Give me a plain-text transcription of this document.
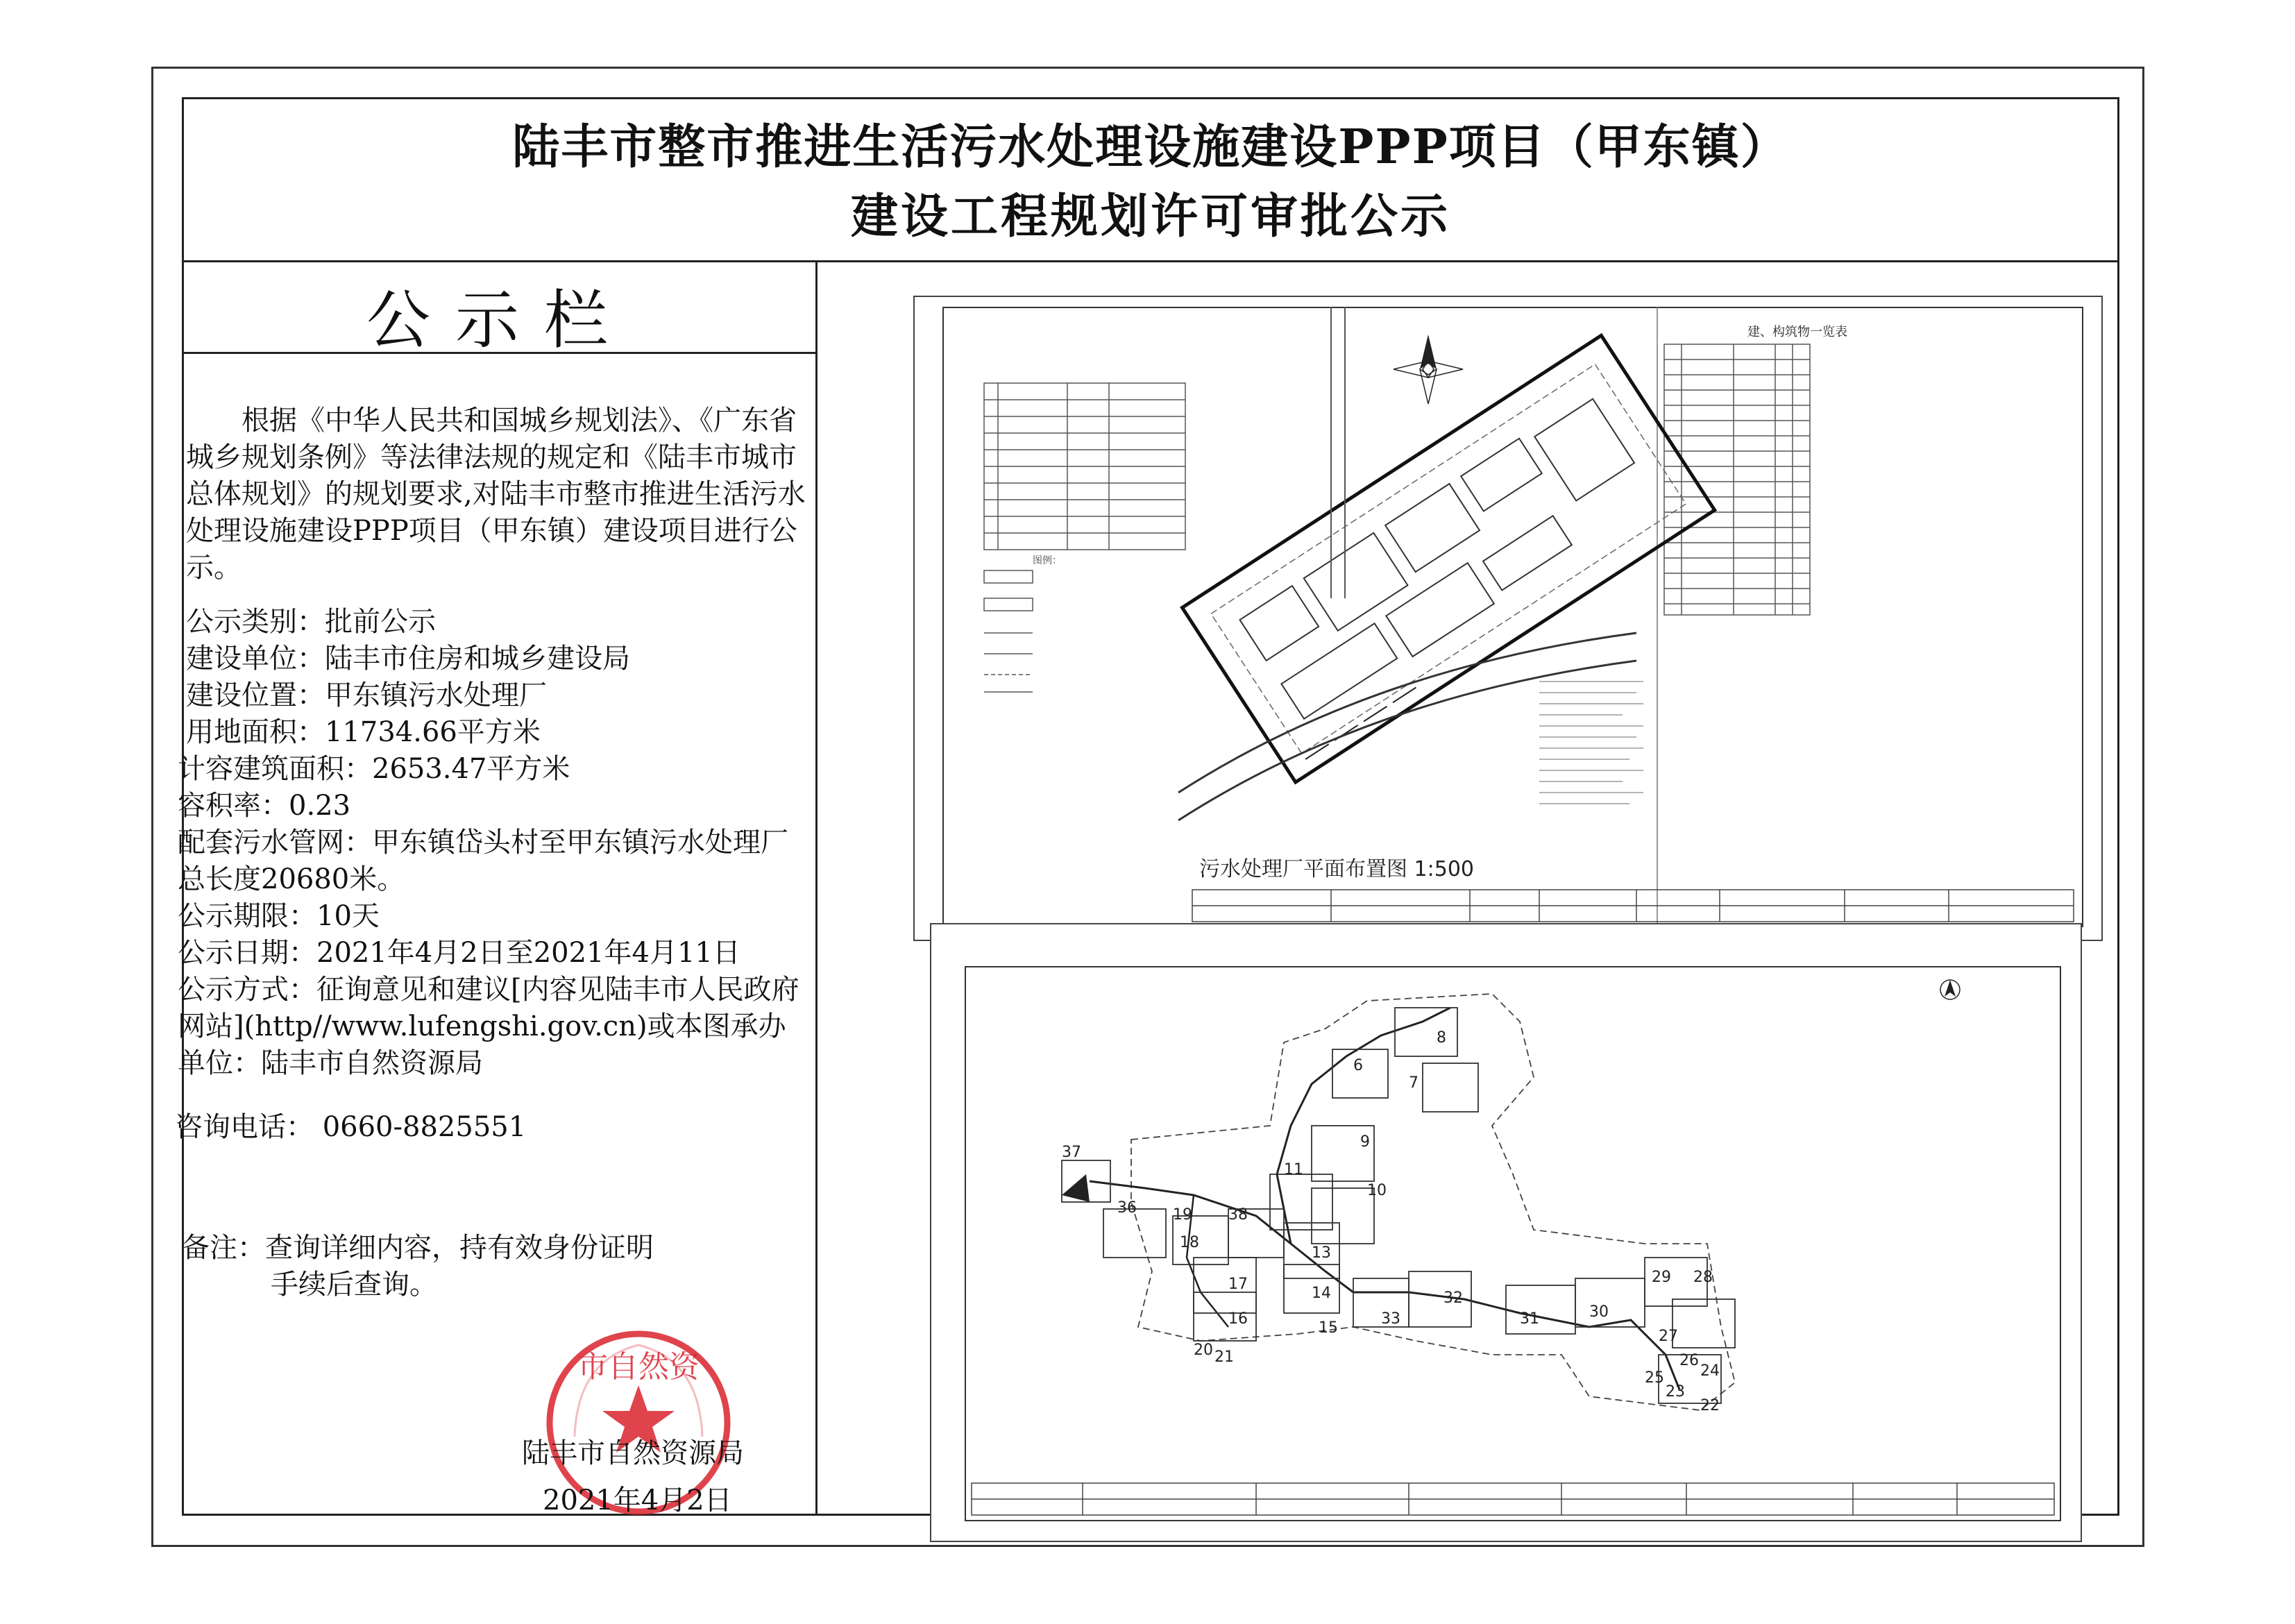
陆丰市整市推进生活污水处理设施建设PPP项目（甲东镇）
建设工程规划许可审批公示
公示栏
根据《中华人民共和国城乡规划法》、《广东省城乡规划条例》等法律法规的规定和《陆丰市城市总体规划》的规划要求,对陆丰市整市推进生活污水处理设施建设PPP项目（甲东镇）建设项目进行公示。
公示类别：批前公示
建设单位：陆丰市住房和城乡建设局
建设位置：甲东镇污水处理厂
用地面积：11734.66平方米
计容建筑面积：2653.47平方米
容积率：0.23
配套污水管网：甲东镇岱头村至甲东镇污水处理厂总长度20680米。
公示期限：10天
公示日期：2021年4月2日至2021年4月11日
公示方式：征询意见和建议[内容见陆丰市人民政府网站](http//www.lufengshi.gov.cn)或本图承办单位：陆丰市自然资源局
咨询电话： 0660-8825551
备注：查询详细内容，持有效身份证明
手续后查询。
市自然资
陆丰市自然资源局
2021年4月2日
图例：
建、构筑物一览表
污水处理厂平面布置图 1:500
37
36 19 38
18
11
9
10
13
17
16
14
15
33
32
31	30
29 28
27
26
25 24
23
22
21
20
8
7
6
